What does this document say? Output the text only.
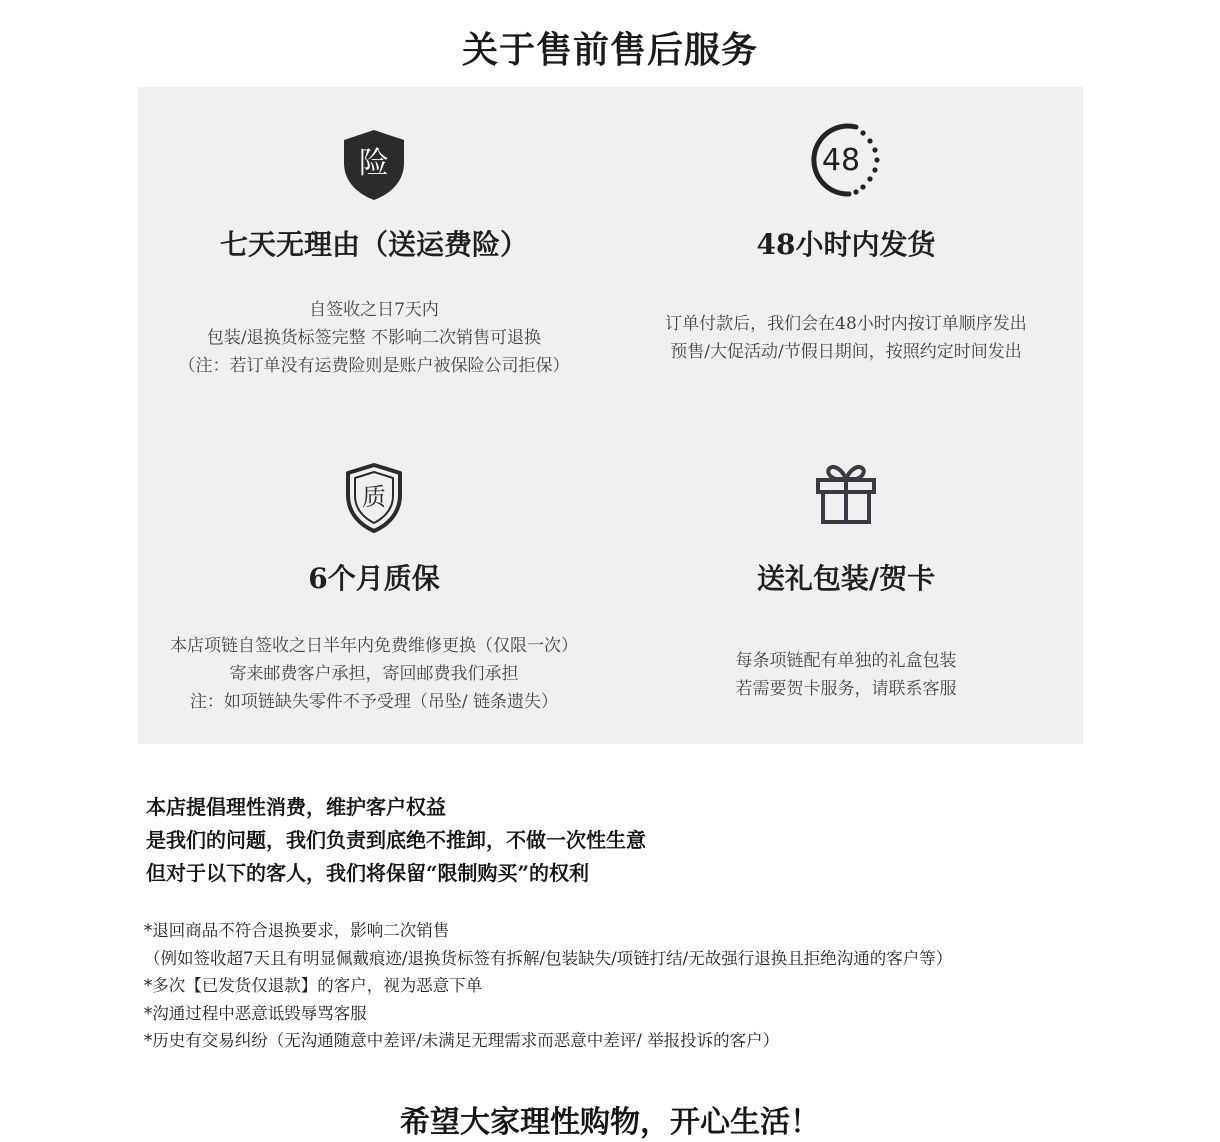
关于售前售后服务
险
七天无理由（送运费险）
自签收之日7天内
包装/退换货标签完整 不影响二次销售可退换
（注：若订单没有运费险则是账户被保险公司拒保）
48
48小时内发货
订单付款后，我们会在48小时内按订单顺序发出
预售/大促活动/节假日期间，按照约定时间发出
质
6个月质保
本店项链自签收之日半年内免费维修更换（仅限一次）
寄来邮费客户承担，寄回邮费我们承担
注：如项链缺失零件不予受理（吊坠/ 链条遗失）
送礼包装/贺卡
每条项链配有单独的礼盒包装
若需要贺卡服务，请联系客服
本店提倡理性消费，维护客户权益
是我们的问题，我们负责到底绝不推卸，不做一次性生意
但对于以下的客人，我们将保留“限制购买”的权利
*退回商品不符合退换要求，影响二次销售
（例如签收超7天且有明显佩戴痕迹/退换货标签有拆解/包装缺失/项链打结/无故强行退换且拒绝沟通的客户等）
*多次【已发货仅退款】的客户，视为恶意下单
*沟通过程中恶意诋毁辱骂客服
*历史有交易纠纷（无沟通随意中差评/未满足无理需求而恶意中差评/ 举报投诉的客户）
希望大家理性购物，开心生活！
